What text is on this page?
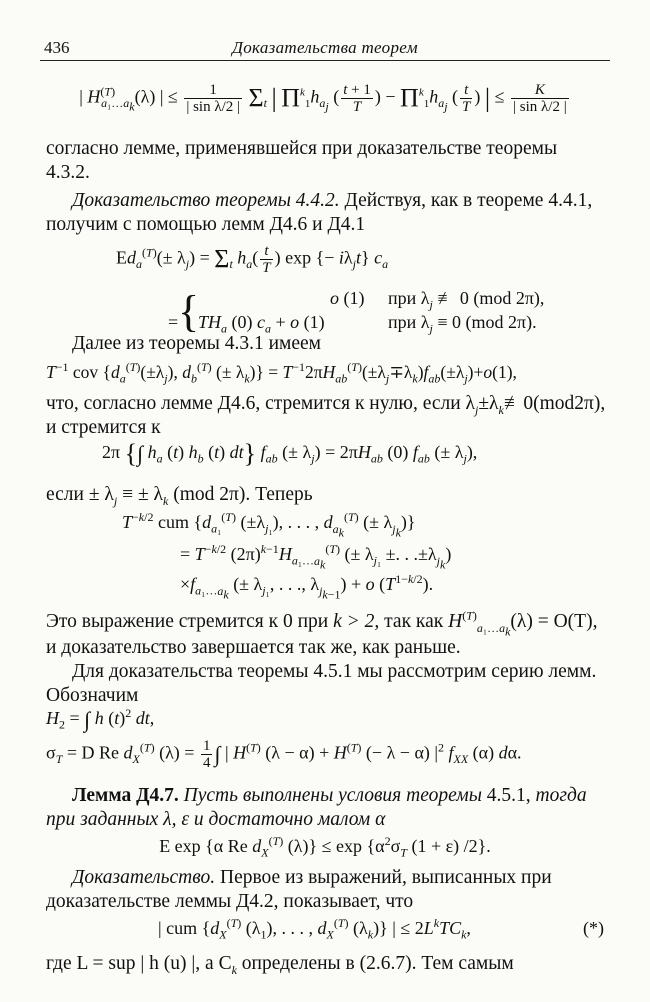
436	Доказательства теорем
| $H^{(T)}_{a_1\dots a_k}(\lambda)$ | ≤ $\frac{1}{\text{| sin λ/2 |}} \Sigma_t$ | $\Pi^k_1h_{a_j}$ ( $\frac{t + 1}{T}$ ) − $\Pi^k_1h_{a_j}$ ( $\frac{t}{T}$ ) | ≤ $\frac{K}{\text{| sin λ/2 |}}$
согласно лемме, применявшейся при доказательстве теоремы
4.3.2.
Доказательство теоремы 4.4.2. Действуя, как в теореме 4.4.1,
получим с помощью лемм Д4.6 и Д4.1
$Ed_a^{(T)}(\pm \lambda_j) = \Sigma_t$ $h_a( \frac{t}{T}$ ) exp {− $i\lambda_jt$} $c_a$
{	o (1) при $\lambda_j$ ≢ 0 (mod 2π),
= $TH_a$ (0) $c_a + o$ (1)	при $\lambda_j \equiv 0$ (mod 2π).
Далее из теоремы 4.3.1 имеем
$T^{-1}$ cov {$d_a^{(T)}(\pm\lambda_j)$, $d_b^{(T)}$ (± $\lambda_k)\} = T^{-1}2\pi H_{ab}^{(T)}(\pm\lambda_j\mp\lambda_k)f_{ab}(\pm\lambda_j)+o(1)$,
что, согласно лемме Д4.6, стремится к нулю, если $\lambda_j\pm\lambda_k≢0(mod2\pi)$,
и стремится к
2π {∫ $h_a$ (t) $h_b$ (t) dt} $f_{ab}$ (± $\lambda_j) = 2\pi H_{ab}$ (0) $f_{ab}$ (± $\lambda_j$),
если ± $\lambda_j$ ≡ ± $\lambda_k$ (mod 2π). Теперь
$T^{-k/2}$ cum {$d_{a_1}^{(T)}$ $(\pm\lambda_{j_1})$, . . . , $d_{a_k}^{(T)}$ (± $\lambda_{j_k}$)}
= $T^{-k/2}$ $(2\pi)^{k-1}H_{a_1\dots a_k}^{(T)}$ (± $\lambda_{j_1}$ ±. . $.\pm\lambda_{j_k}$)
$\times f_{a_1\dots a_k}$ (± $\lambda_{j_1}$, . . ., $\lambda_{j_{k-1}}) + o$ $(T^{1-k/2})$.
Это выражение стремится к 0 при k > 2, так как $H^{(T)}_{a_1\dots a_k}(\lambda) = O(T)$,
и доказательство завершается так же, как раньше.
Для доказательства теоремы 4.5.1 мы рассмотрим серию лемм.
Обозначим
$H_2$ = ∫ h $(t)^2$ dt,
$\sigma_T = D$ Re $d_X^{(T)}$ $(\lambda) = \frac{1}{4}$ ∫ | $H^{(T)}$ $(\lambda - \alpha) + H^{(T)}$ (− λ − α) $|^2$ $f_{XX}$ (α) dα.
Лемма Д4.7. Пусть выполнены условия теоремы 4.5.1, тогда
при заданных λ, ε и достаточно малом α
E exp {α Re $d_X^{(T)}$ $(\lambda)\} \le \exp \{\alpha^2\sigma_T$ (1 + ε) /2}.
Доказательство. Первое из выражений, выписанных при
доказательстве леммы Д4.2, показывает, что
| cum {$d_X^{(T)}$ $(\lambda_1)$, . . . , $d_X^{(T)}$ $(\lambda_k)$} | ≤ $2L^kTC_k$,	(*)
где L = sup | h (u) |, а $C_k$ определены в (2.6.7). Тем самым
